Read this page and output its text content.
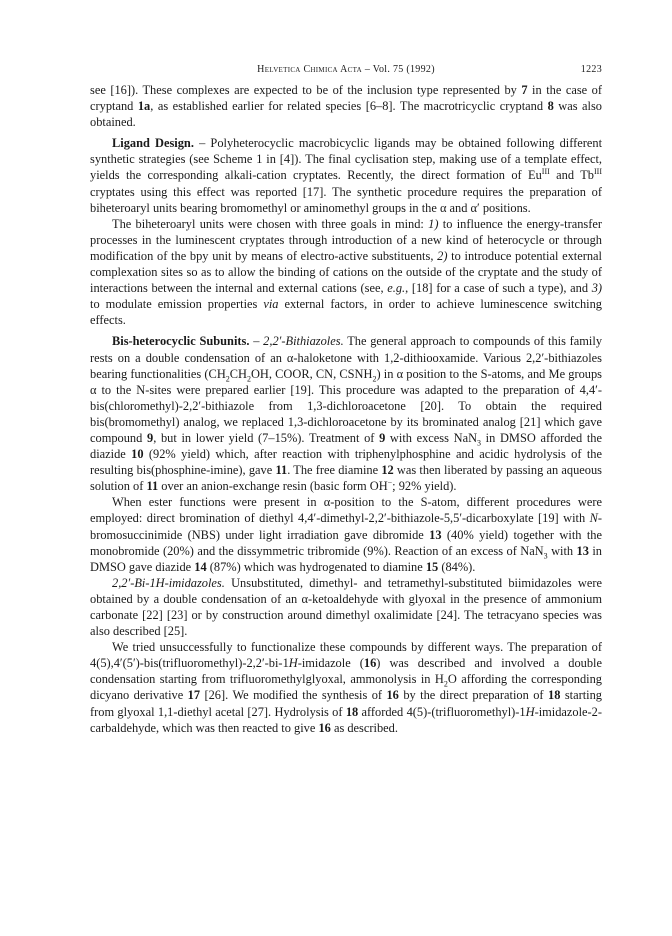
Helvetica Chimica Acta – Vol. 75 (1992)	1223

see [16]). These complexes are expected to be of the inclusion type represented by 7 in the case of cryptand 1a, as established earlier for related species [6–8]. The macrotricyclic cryptand 8 was also obtained.

Ligand Design. – Polyheterocyclic macrobicyclic ligands may be obtained following different synthetic strategies (see Scheme 1 in [4]). The final cyclisation step, making use of a template effect, yields the corresponding alkali-cation cryptates. Recently, the direct formation of $Eu^{III}$ and $Tb^{III}$ cryptates using this effect was reported [17]. The synthetic procedure requires the preparation of biheteroaryl units bearing bromomethyl or aminomethyl groups in the α and α′ positions.

The biheteroaryl units were chosen with three goals in mind: 1) to influence the energy-transfer processes in the luminescent cryptates through introduction of a new kind of heterocycle or through modification of the bpy unit by means of electro-active substituents, 2) to introduce potential external complexation sites so as to allow the binding of cations on the outside of the cryptate and the study of interactions between the internal and external cations (see, e.g., [18] for a case of such a type), and 3) to modulate emission properties via external factors, in order to achieve luminescence switching effects.

Bis-heterocyclic Subunits. – 2,2′-Bithiazoles. The general approach to compounds of this family rests on a double condensation of an α-haloketone with 1,2-dithiooxamide. Various 2,2′-bithiazoles bearing functionalities ($CH_2CH_2OH$, COOR, CN, $CSNH_2$) in α position to the S-atoms, and Me groups α to the N-sites were prepared earlier [19]. This procedure was adapted to the preparation of 4,4′-bis(chloromethyl)-2,2′-bithiazole from 1,3-dichloroacetone [20]. To obtain the required bis(bromomethyl) analog, we replaced 1,3-dichloroacetone by its brominated analog [21] which gave compound 9, but in lower yield (7–15%). Treatment of 9 with excess NaN$_3$ in DMSO afforded the diazide 10 (92% yield) which, after reaction with triphenylphosphine and acidic hydrolysis of the resulting bis(phosphine-imine), gave 11. The free diamine 12 was then liberated by passing an aqueous solution of 11 over an anion-exchange resin (basic form OH−; 92% yield).

When ester functions were present in α-position to the S-atom, different procedures were employed: direct bromination of diethyl 4,4′-dimethyl-2,2′-bithiazole-5,5′-dicarboxylate [19] with N-bromosuccinimide (NBS) under light irradiation gave dibromide 13 (40% yield) together with the monobromide (20%) and the dissymmetric tribromide (9%). Reaction of an excess of NaN$_3$ with 13 in DMSO gave diazide 14 (87%) which was hydrogenated to diamine 15 (84%).

2,2′-Bi-1H-imidazoles. Unsubstituted, dimethyl- and tetramethyl-substituted biimidazoles were obtained by a double condensation of an α-ketoaldehyde with glyoxal in the presence of ammonium carbonate [22] [23] or by construction around dimethyl oxalimidate [24]. The tetracyano species was also described [25].

We tried unsuccessfully to functionalize these compounds by different ways. The preparation of 4(5),4′(5′)-bis(trifluoromethyl)-2,2′-bi-1H-imidazole (16) was described and involved a double condensation starting from trifluoromethylglyoxal, ammonolysis in $H_2O$ affording the corresponding dicyano derivative 17 [26]. We modified the synthesis of 16 by the direct preparation of 18 starting from glyoxal 1,1-diethyl acetal [27]. Hydrolysis of 18 afforded 4(5)-(trifluoromethyl)-1H-imidazole-2-carbaldehyde, which was then reacted to give 16 as described.
